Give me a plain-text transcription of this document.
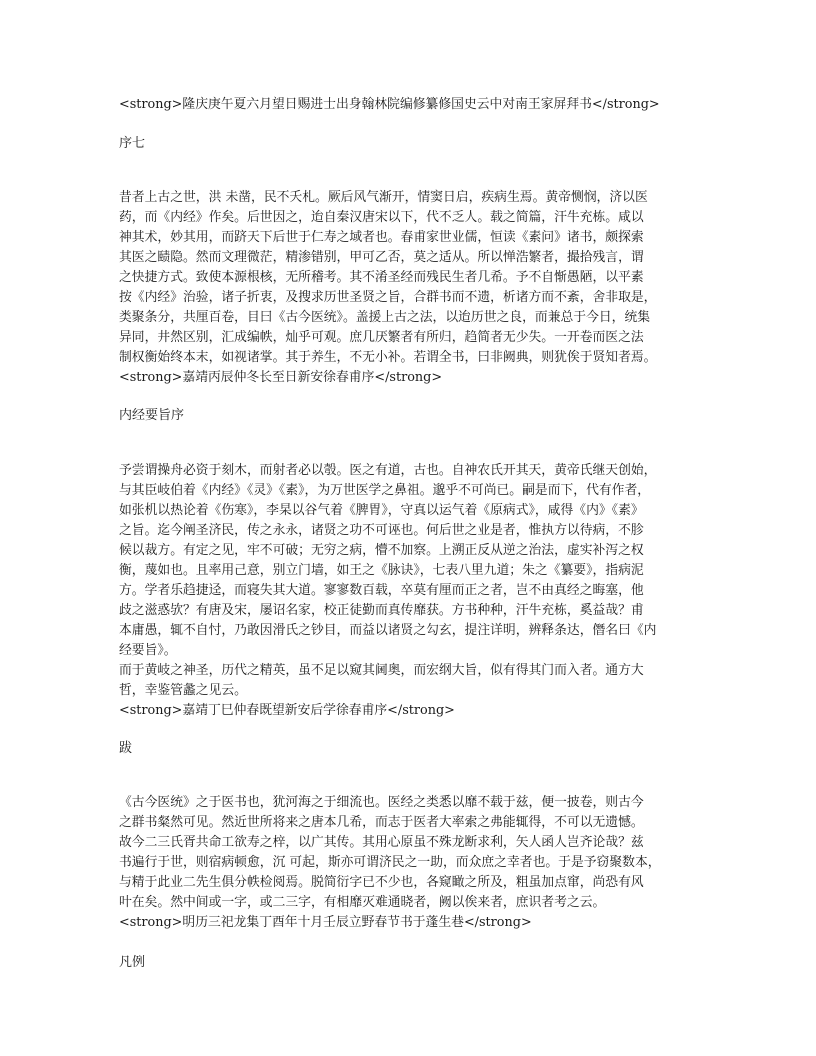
<strong>隆庆庚午夏六月望日赐进士出身翰林院编修纂修国史云中对南王家屏拜书</strong>

序七

昔者上古之世，洪 未凿，民不夭札。厥后风气渐开，情窦日启，疾病生焉。黄帝恻悯，济以医

药，而《内经》作矣。后世因之，迨自秦汉唐宋以下，代不乏人。载之简篇，汗牛充栋。咸以

神其术，妙其用，而跻天下后世于仁寿之域者也。春甫家世业儒，恒读《素问》诸书，颇探索

其医之赜隐。然而文理微茫，精渗错别，甲可乙否，莫之适从。所以惮浩繁者，撮拾残言，谓

之快捷方式。致使本源根核，无所稽考。其不淆圣经而残民生者几希。予不自惭愚陋，以平素

按《内经》治验，诸子折衷，及搜求历世圣贤之旨，合群书而不遗，析诸方而不紊，舍非取是，

类聚条分，共厘百卷，目曰《古今医统》。盖援上古之法，以迨历世之良，而兼总于今日，统集

异同，井然区别，汇成编帙，灿乎可观。庶几厌繁者有所归，趋简者无少失。一开卷而医之法

制权衡始终本末，如视诸掌。其于养生，不无小补。若谓全书，曰非阙典，则犹俟于贤知者焉。

<strong>嘉靖丙辰仲冬长至日新安徐春甫序</strong>

内经要旨序

予尝谓操舟必资于刻木，而射者必以彀。医之有道，古也。自神农氏开其天，黄帝氏继天创始，

与其臣岐伯着《内经》《灵》《素》，为万世医学之鼻祖。邈乎不可尚已。嗣是而下，代有作者，

如张机以热论着《伤寒》，李杲以谷气着《脾胃》，守真以运气着《原病式》，咸得《内》《素》

之旨。迄今阐圣济民，传之永永，诸贤之功不可诬也。何后世之业是者，惟执方以待病，不胗

候以裁方。有定之见，牢不可破；无穷之病，懵不加察。上溯正反从逆之治法，虚实补泻之权

衡，蔑如也。且率用己意，别立门墙，如王之《脉诀》，七表八里九道；朱之《纂要》，指病泥

方。学者乐趋捷迳，而寝失其大道。寥寥数百载，卒莫有厘而正之者，岂不由真经之晦塞，他

歧之滋惑欤？有唐及宋，屡诏名家，校正徒勤而真传靡获。方书种种，汗牛充栋，奚益哉？甫

本庸愚，辄不自忖，乃敢因滑氏之钞目，而益以诸贤之勾玄，提注详明，辨释条达，僭名曰《内

经要旨》。

而于黄岐之神圣，历代之精英，虽不足以窥其阃奥，而宏纲大旨，似有得其门而入者。通方大

哲，幸鉴管蠡之见云。

<strong>嘉靖丁巳仲春既望新安后学徐春甫序</strong>

跋

《古今医统》之于医书也，犹河海之于细流也。医经之类悉以靡不载于兹，便一披卷，则古今

之群书粲然可见。然近世所将来之唐本几希，而志于医者大率索之弗能辄得，不可以无遗憾。

故今二三氏胥共命工欲寿之梓，以广其传。其用心原虽不殊龙断求利，矢人函人岂齐论哉？兹

书遍行于世，则宿病顿愈，沉 可起，斯亦可谓济民之一助，而众庶之幸者也。于是予窃聚数本，

与精于此业二先生俱分帙检阅焉。脱简衍字已不少也，各窥瞰之所及，粗虽加点窜，尚恐有风

叶在矣。然中间或一字，或二三字，有相靡灭难通晓者，阙以俟来者，庶识者考之云。

<strong>明历三祀龙集丁酉年十月壬辰立野春节书于蓬生巷</strong>

凡例
